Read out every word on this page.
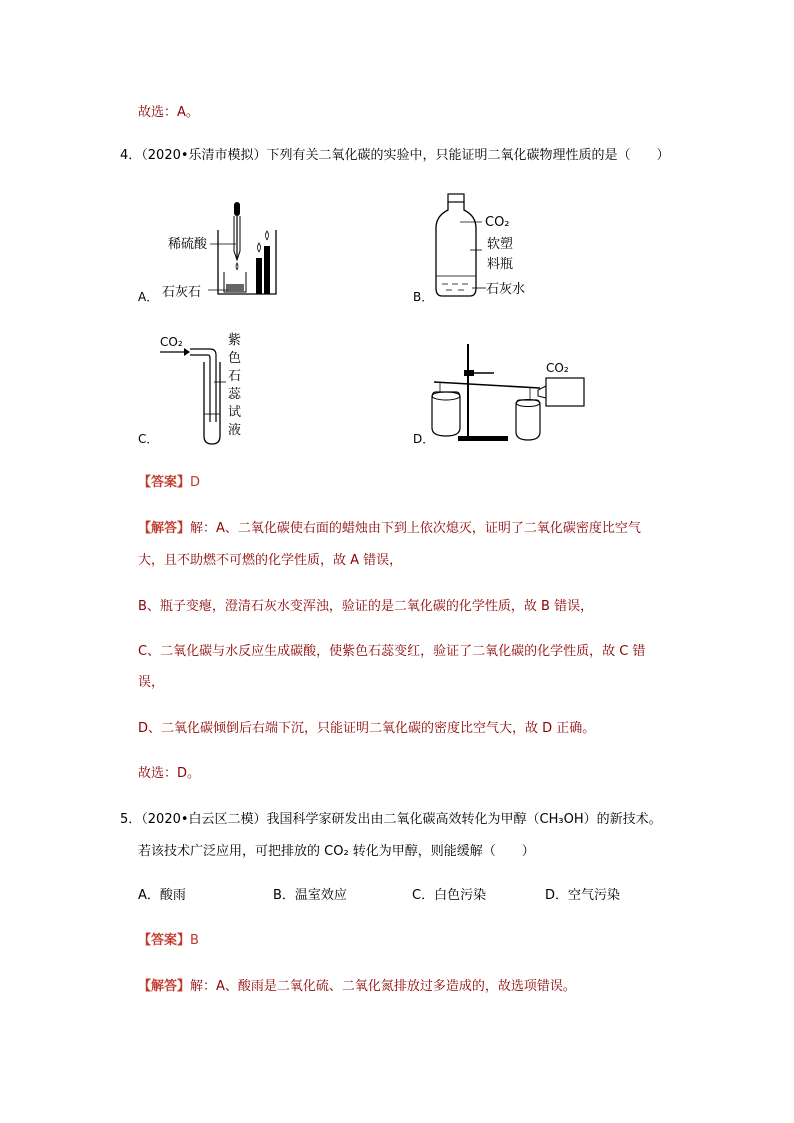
故选：A。
4．（2020•乐清市模拟）下列有关二氧化碳的实验中，只能证明二氧化碳物理性质的是（　　）
A．
稀硫酸
石灰石	B．
CO₂
软塑
料瓶
石灰水
C．
CO₂	紫
色
石
蕊
试
液
D．
CO₂
【答案】D
【解答】解：A、二氧化碳使右面的蜡烛由下到上依次熄灭，证明了二氧化碳密度比空气
大，且不助燃不可燃的化学性质，故 A 错误，
B、瓶子变瘪，澄清石灰水变浑浊，验证的是二氧化碳的化学性质，故 B 错误，
C、二氧化碳与水反应生成碳酸，使紫色石蕊变红，验证了二氧化碳的化学性质，故 C 错
误，
D、二氧化碳倾倒后右端下沉，只能证明二氧化碳的密度比空气大，故 D 正确。
故选：D。
5．（2020•白云区二模）我国科学家研发出由二氧化碳高效转化为甲醇（CH₃OH）的新技术。
若该技术广泛应用，可把排放的 CO₂ 转化为甲醇，则能缓解（　　）
A．酸雨	B．温室效应	C．白色污染	D．空气污染
【答案】B
【解答】解：A、酸雨是二氧化硫、二氧化氮排放过多造成的，故选项错误。
